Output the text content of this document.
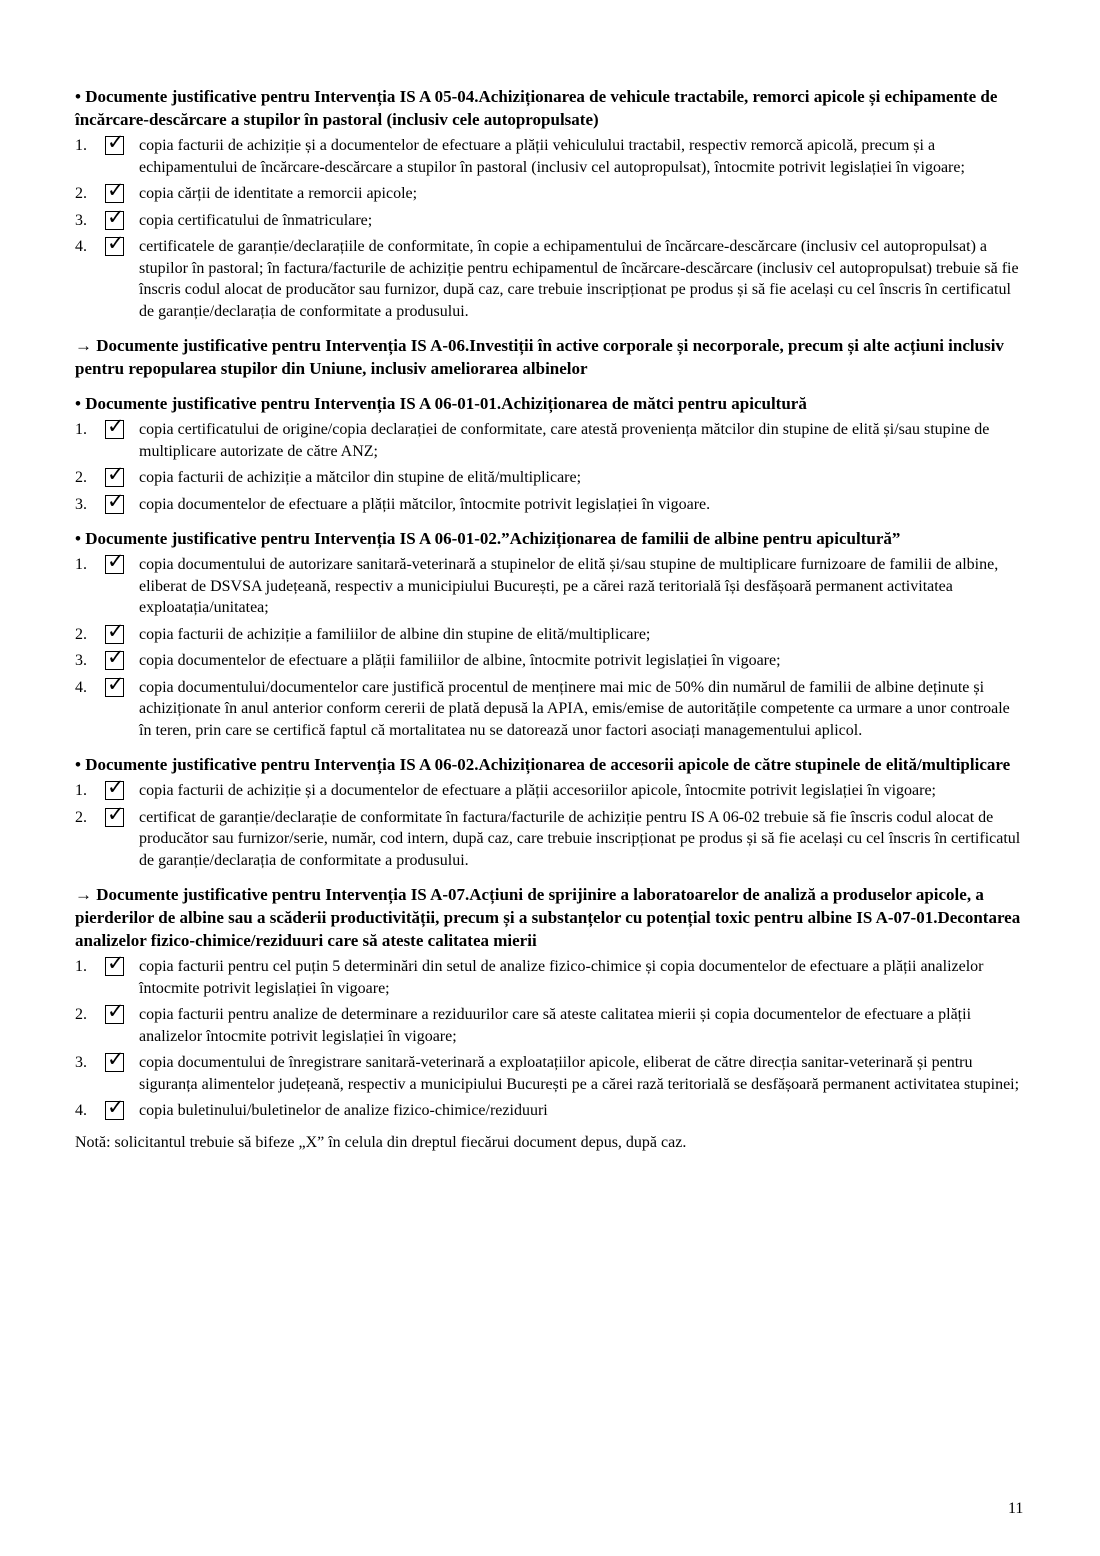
• Documente justificative pentru Intervenția IS A 05-04.Achiziționarea de vehicule tractabile, remorci apicole și echipamente de încărcare-descărcare a stupilor în pastoral (inclusiv cele autopropulsate)
1. ✓ copia facturii de achiziție și a documentelor de efectuare a plății vehiculului tractabil, respectiv remorcă apicolă, precum și a echipamentului de încărcare-descărcare a stupilor în pastoral (inclusiv cel autopropulsat), întocmite potrivit legislației în vigoare;
2. ✓ copia cărții de identitate a remorcii apicole;
3. ✓ copia certificatului de înmatriculare;
4. ✓ certificatele de garanție/declarațiile de conformitate, în copie a echipamentului de încărcare-descărcare (inclusiv cel autopropulsat) a stupilor în pastoral; în factura/facturile de achiziție pentru echipamentul de încărcare-descărcare (inclusiv cel autopropulsat) trebuie să fie înscris codul alocat de producător sau furnizor, după caz, care trebuie inscripționat pe produs și să fie același cu cel înscris în certificatul de garanție/declarația de conformitate a produsului.
→ Documente justificative pentru Intervenția IS A-06.Investiții în active corporale și necorporale, precum și alte acțiuni inclusiv pentru repopularea stupilor din Uniune, inclusiv ameliorarea albinelor
• Documente justificative pentru Intervenția IS A 06-01-01.Achiziționarea de mătci pentru apicultură
1. ✓ copia certificatului de origine/copia declarației de conformitate, care atestă proveniența mătcilor din stupine de elită și/sau stupine de multiplicare autorizate de către ANZ;
2. ✓ copia facturii de achiziție a mătcilor din stupine de elită/multiplicare;
3. ✓ copia documentelor de efectuare a plății mătcilor, întocmite potrivit legislației în vigoare.
• Documente justificative pentru Intervenția IS A 06-01-02.”Achiziționarea de familii de albine pentru apicultură”
1. ✓ copia documentului de autorizare sanitară-veterinară a stupinelor de elită și/sau stupine de multiplicare furnizoare de familii de albine, eliberat de DSVSA județeană, respectiv a municipiului București, pe a cărei rază teritorială își desfășoară permanent activitatea exploatația/unitatea;
2. ✓ copia facturii de achiziție a familiilor de albine din stupine de elită/multiplicare;
3. ✓ copia documentelor de efectuare a plății familiilor de albine, întocmite potrivit legislației în vigoare;
4. ✓ copia documentului/documentelor care justifică procentul de menținere mai mic de 50% din numărul de familii de albine deținute și achiziționate în anul anterior conform cererii de plată depusă la APIA, emis/emise de autoritățile competente ca urmare a unor controale în teren, prin care se certifică faptul că mortalitatea nu se datorează unor factori asociați managementului aplicol.
• Documente justificative pentru Intervenția IS A 06-02.Achiziționarea de accesorii apicole de către stupinele de elită/multiplicare
1. ✓ copia facturii de achiziție și a documentelor de efectuare a plății accesoriilor apicole, întocmite potrivit legislației în vigoare;
2. ✓ certificat de garanție/declarație de conformitate în factura/facturile de achiziție pentru IS A 06-02 trebuie să fie înscris codul alocat de producător sau furnizor/serie, număr, cod intern, după caz, care trebuie inscripționat pe produs și să fie același cu cel înscris în certificatul de garanție/declarația de conformitate a produsului.
→ Documente justificative pentru Intervenția IS A-07.Acțiuni de sprijinire a laboratoarelor de analiză a produselor apicole, a pierderilor de albine sau a scăderii productivității, precum și a substanțelor cu potențial toxic pentru albine IS A-07-01.Decontarea analizelor fizico-chimice/reziduuri care să ateste calitatea mierii
1. ✓ copia facturii pentru cel puțin 5 determinări din setul de analize fizico-chimice și copia documentelor de efectuare a plății analizelor întocmite potrivit legislației în vigoare;
2. ✓ copia facturii pentru analize de determinare a reziduurilor care să ateste calitatea mierii și copia documentelor de efectuare a plății analizelor întocmite potrivit legislației în vigoare;
3. ✓ copia documentului de înregistrare sanitară-veterinară a exploatațiilor apicole, eliberat de către direcția sanitar-veterinară și pentru siguranța alimentelor județeană, respectiv a municipiului București pe a cărei rază teritorială se desfășoară permanent activitatea stupinei;
4. ✓ copia buletinului/buletinelor de analize fizico-chimice/reziduuri
Notă: solicitantul trebuie să bifeze „X” în celula din dreptul fiecărui document depus, după caz.
11
